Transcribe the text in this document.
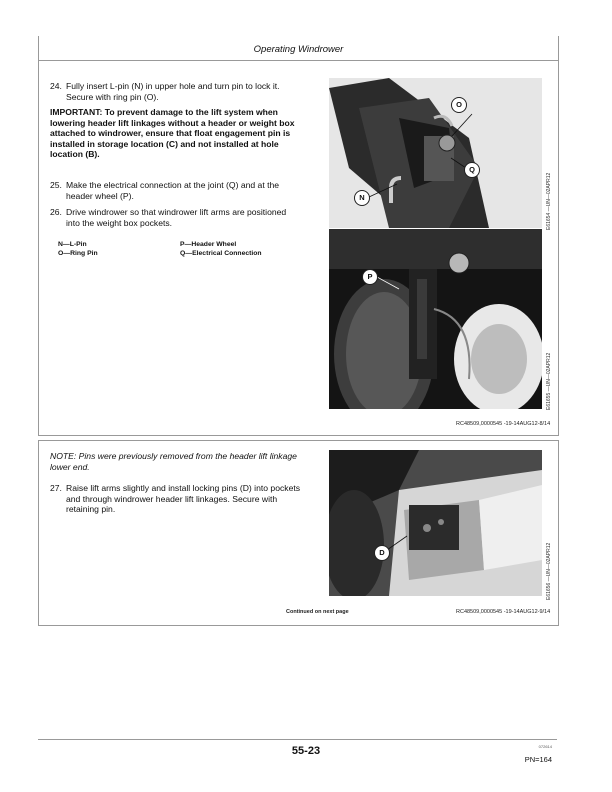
Operating Windrower
24. Fully insert L-pin (N) in upper hole and turn pin to lock it. Secure with ring pin (O).
IMPORTANT: To prevent damage to the lift system when lowering header lift linkages without a header or weight box attached to windrower, ensure that float engagement pin is installed in storage location (C) and not installed at hole location (B).
25. Make the electrical connection at the joint (Q) and at the header wheel (P).
26. Drive windrower so that windrower lift arms are positioned into the weight box pockets.
N—L-Pin
O—Ring Pin
P—Header Wheel
Q—Electrical Connection
O
Q
N	E61654 —UN—02APR12
P
E61655 —UN—02APR12
RC48509,0000545 -19-14AUG12-8/14
NOTE: Pins were previously removed from the header lift linkage lower end.
27. Raise lift arms slightly and install locking pins (D) into pockets and through windrower header lift linkages. Secure with retaining pin.
D	E61656 —UN—02APR12
Continued on next page	RC48509,0000545 -19-14AUG12-9/14
55-23	072614
PN=164
